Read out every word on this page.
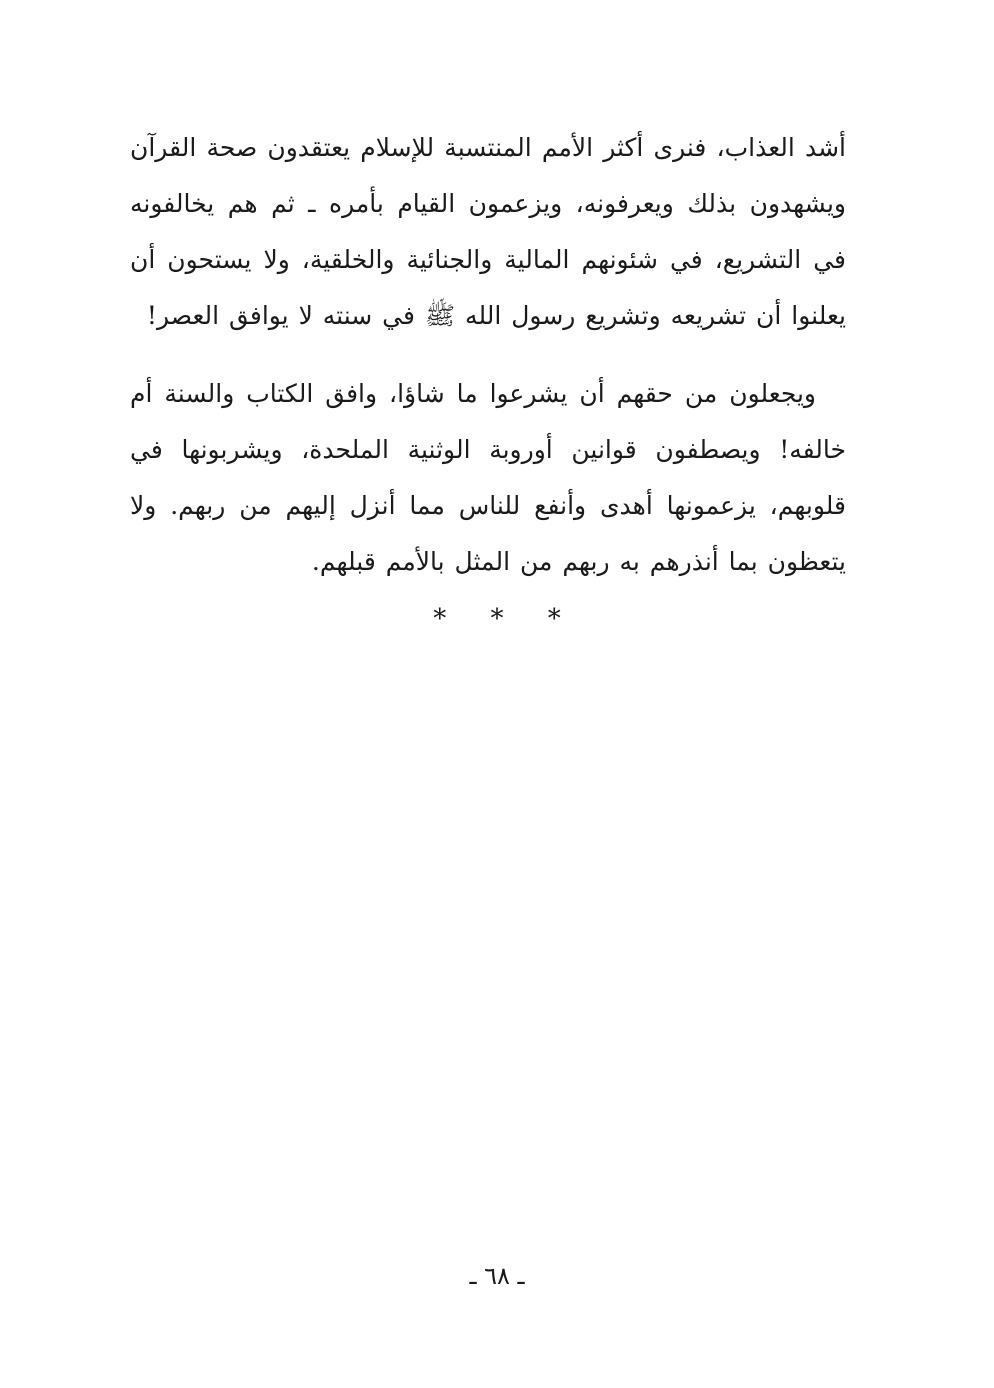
أشد العذاب، فنرى أكثر الأمم المنتسبة للإسلام يعتقدون صحة القرآن ويشهدون بذلك ويعرفونه، ويزعمون القيام بأمره ـ ثم هم يخالفونه في التشريع، في شئونهم المالية والجنائية والخلقية، ولا يستحون أن يعلنوا أن تشريعه وتشريع رسول الله ﷺ في سنته لا يوافق العصر!

ويجعلون من حقهم أن يشرعوا ما شاؤا، وافق الكتاب والسنة أم خالفه! ويصطفون قوانين أوروبة الوثنية الملحدة، ويشربونها في قلوبهم، يزعمونها أهدى وأنفع للناس مما أنزل إليهم من ربهم. ولا يتعظون بما أنذرهم به ربهم من المثل بالأمم قبلهم.

* * *
ـ ٦٨ ـ
